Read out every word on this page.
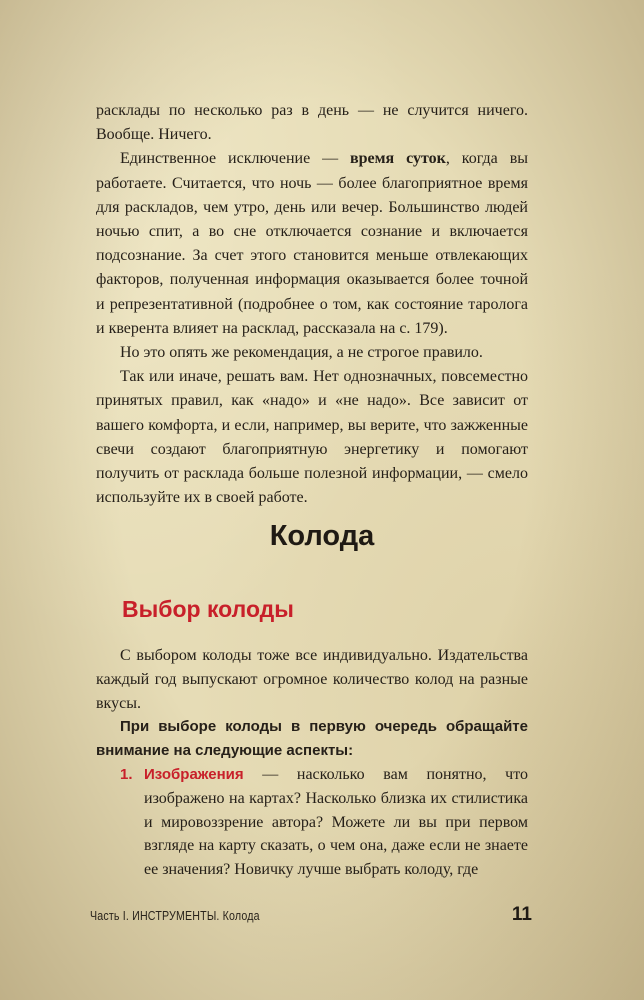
расклады по несколько раз в день — не случится ничего. Вообще. Ничего.

Единственное исключение — время суток, когда вы работаете. Считается, что ночь — более благоприятное время для раскладов, чем утро, день или вечер. Большинство людей ночью спит, а во сне отключается сознание и включается подсознание. За счет этого становится меньше отвлекающих факторов, полученная информация оказывается более точной и репрезентативной (подробнее о том, как состояние таролога и кверента влияет на расклад, рассказала на с. 179).

Но это опять же рекомендация, а не строгое правило.

Так или иначе, решать вам. Нет однозначных, повсеместно принятых правил, как «надо» и «не надо». Все зависит от вашего комфорта, и если, например, вы верите, что зажженные свечи создают благоприятную энергетику и помогают получить от расклада больше полезной информации, — смело используйте их в своей работе.

Колода
Выбор колоды

С выбором колоды тоже все индивидуально. Издательства каждый год выпускают огромное количество колод на разные вкусы.

При выборе колоды в первую очередь обращайте внимание на следующие аспекты:

1. Изображения — насколько вам понятно, что изображено на картах? Насколько близка их стилистика и мировоззрение автора? Можете ли вы при первом взгляде на карту сказать, о чем она, даже если не знаете ее значения? Новичку лучше выбрать колоду, где
Часть I. ИНСТРУМЕНТЫ. Колода	11
